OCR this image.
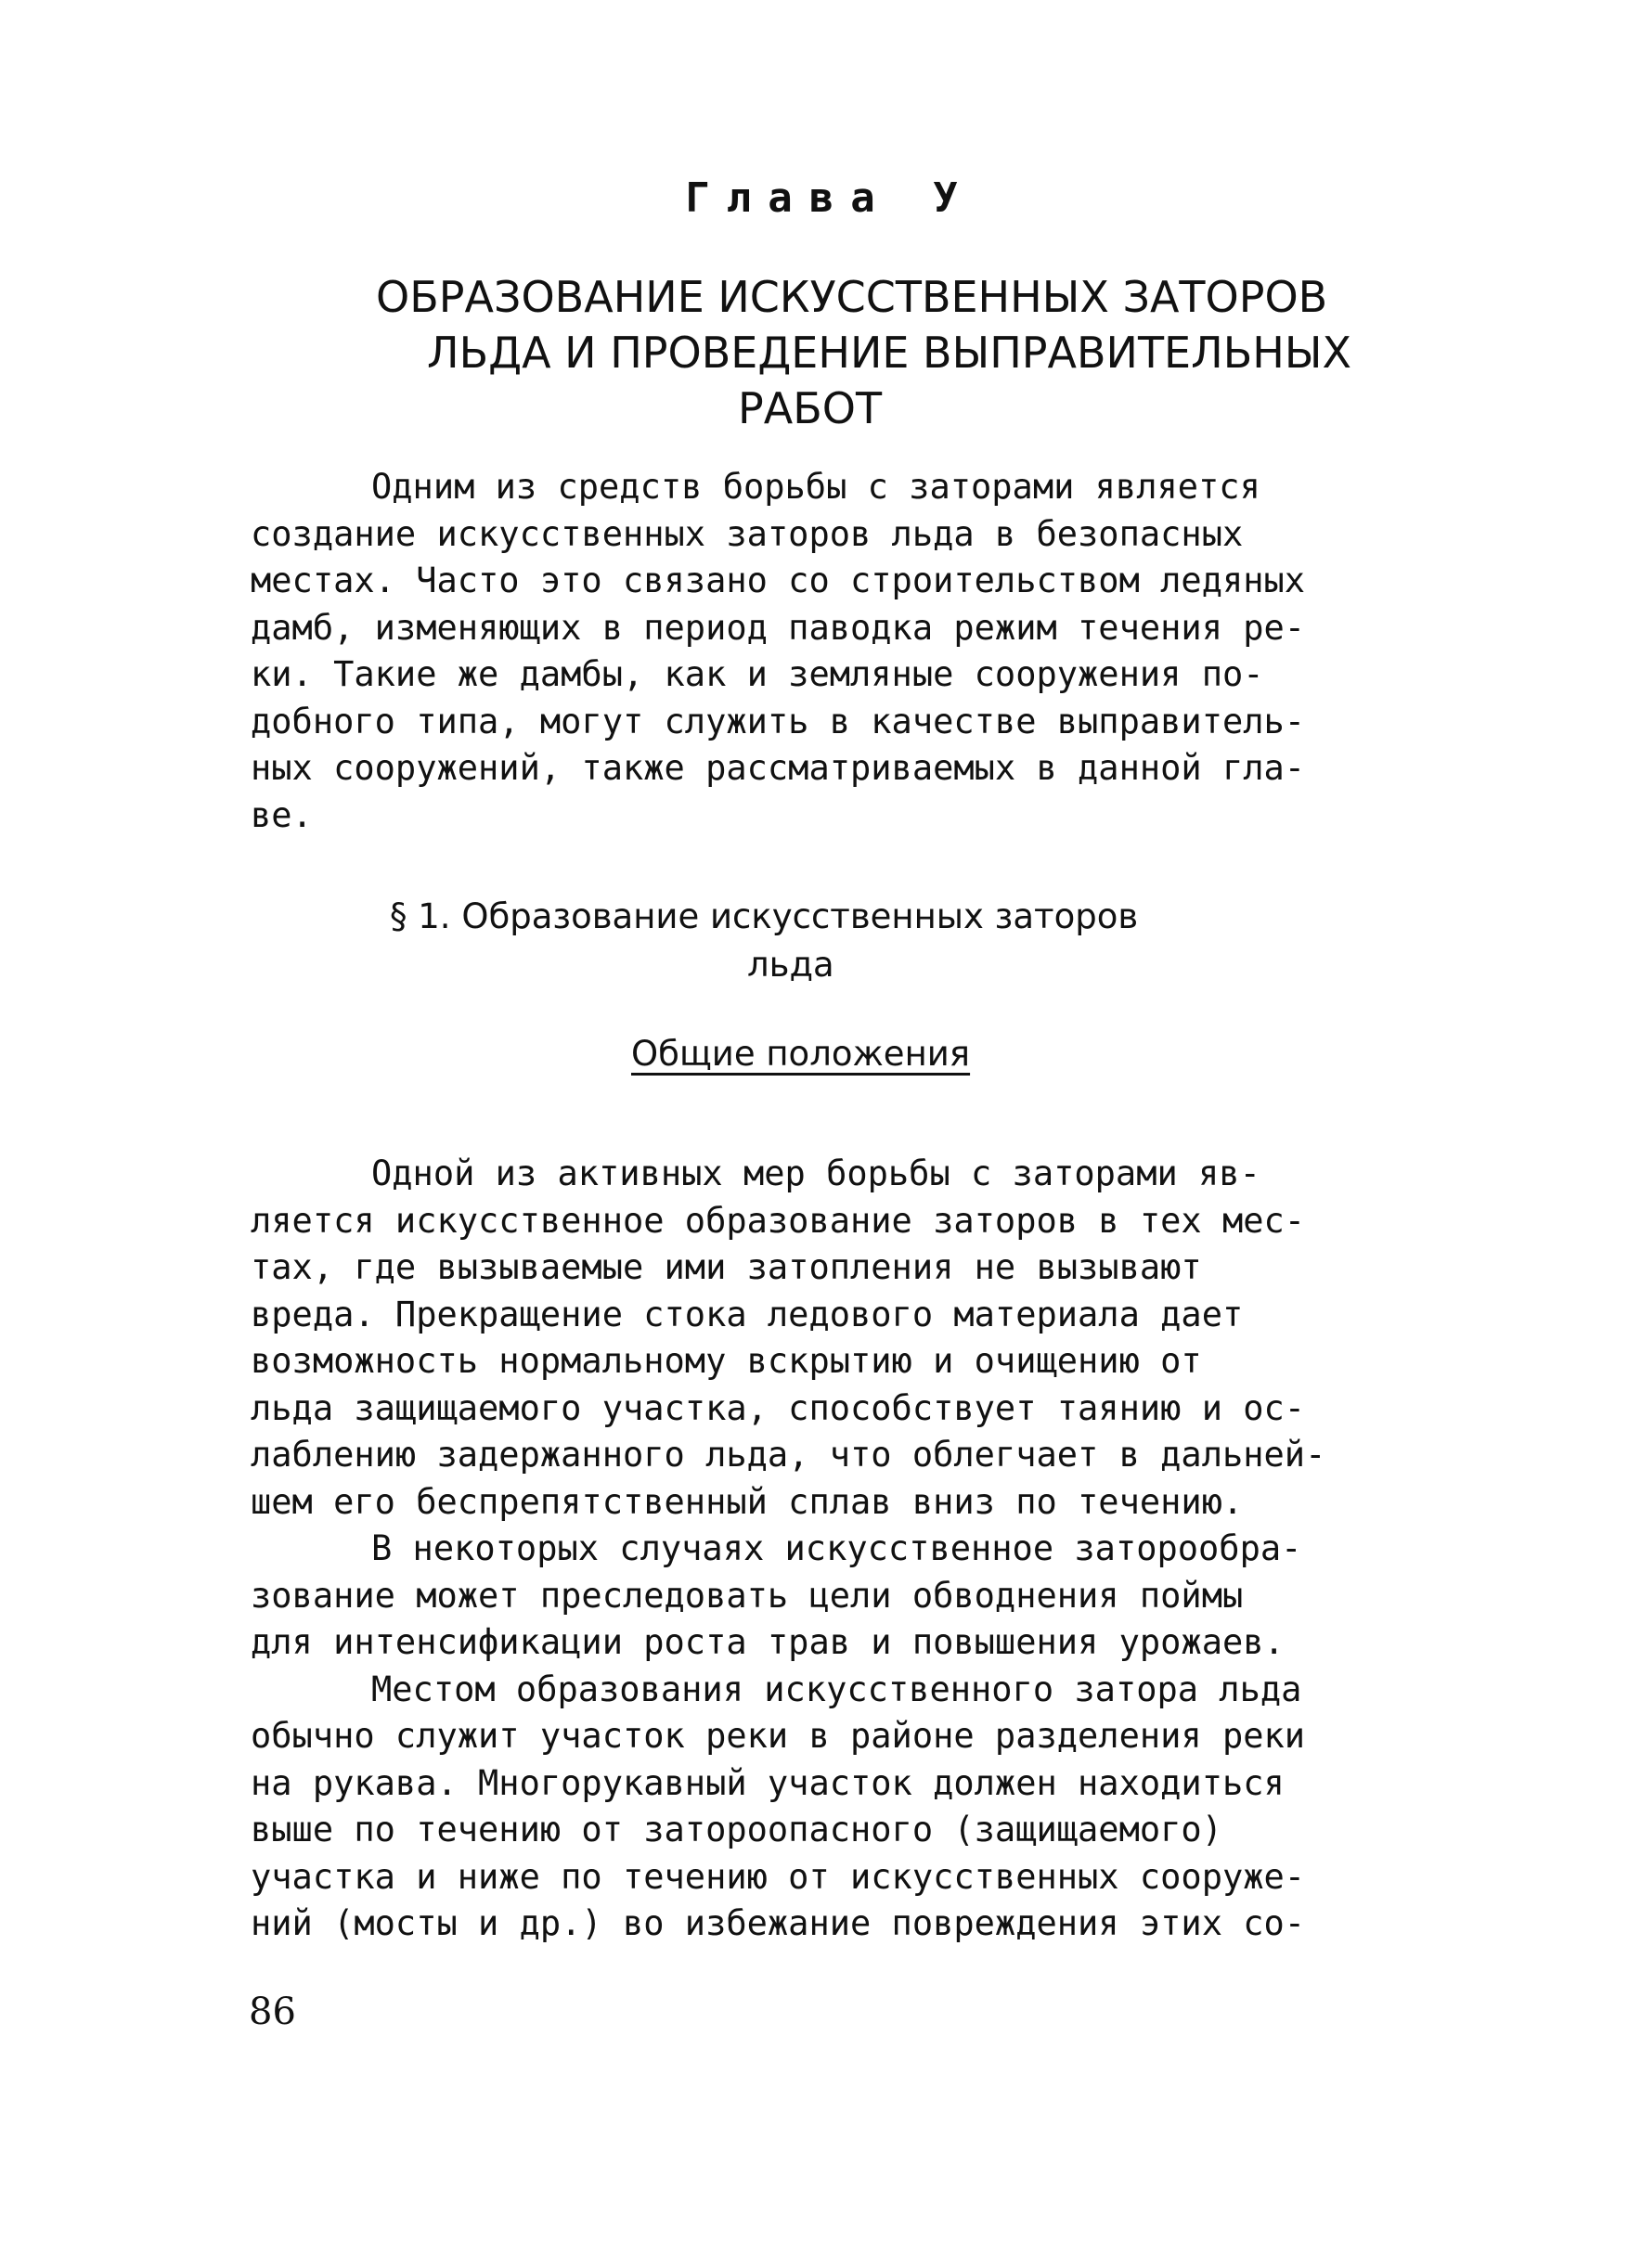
Глава У
ОБРАЗОВАНИЕ ИСКУССТВЕННЫХ ЗАТОРОВ
ЛЬДА И ПРОВЕДЕНИЕ ВЫПРАВИТЕЛЬНЫХ
РАБОТ
Одним из средств борьбы с заторами является
создание искусственных заторов льда в безопасных
местах. Часто это связано со строительством ледяных
дамб, изменяющих в период паводка режим течения ре-
ки. Такие же дамбы, как и земляные сооружения по-
добного типа, могут служить в качестве выправитель-
ных сооружений, также рассматриваемых в данной гла-
ве.
§ 1. Образование искусственных заторов
льда
Общие положения
Одной из активных мер борьбы с заторами яв-
ляется искусственное образование заторов в тех мес-
тах, где вызываемые ими затопления не вызывают
вреда. Прекращение стока ледового материала дает
возможность нормальному вскрытию и очищению от
льда защищаемого участка, способствует таянию и ос-
лаблению задержанного льда, что облегчает в дальней-
шем его беспрепятственный сплав вниз по течению.
В некоторых случаях искусственное заторообра-
зование может преследовать цели обводнения поймы
для интенсификации роста трав и повышения урожаев.
Местом образования искусственного затора льда
обычно служит участок реки в районе разделения реки
на рукава. Многорукавный участок должен находиться
выше по течению от заторoопасного (защищаемого)
участка и ниже по течению от искусственных сооруже-
ний (мосты и др.) во избежание повреждения этих со-
86
